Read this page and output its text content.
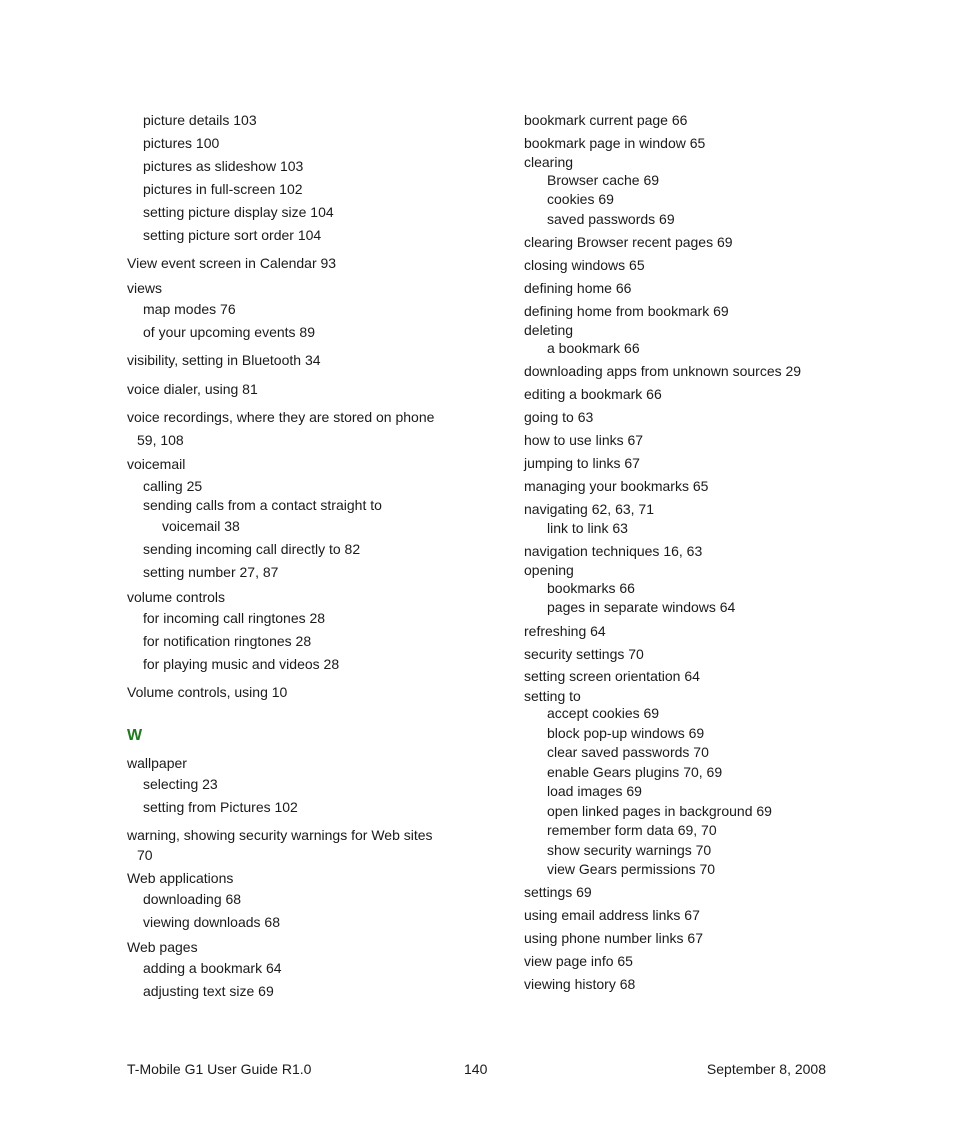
picture details 103
pictures 100
pictures as slideshow 103
pictures in full-screen 102
setting picture display size 104
setting picture sort order 104
View event screen in Calendar 93
views
map modes 76
of your upcoming events 89
visibility, setting in Bluetooth 34
voice dialer, using 81
voice recordings, where they are stored on phone
59, 108
voicemail
calling 25
sending calls from a contact straight to
voicemail 38
sending incoming call directly to 82
setting number 27, 87
volume controls
for incoming call ringtones 28
for notification ringtones 28
for playing music and videos 28
Volume controls, using 10
wallpaper
selecting 23
setting from Pictures 102
warning, showing security warnings for Web sites
70
Web applications
downloading 68
viewing downloads 68
Web pages
adding a bookmark 64
adjusting text size 69
W
bookmark current page 66
bookmark page in window 65
clearing
Browser cache 69
cookies 69
saved passwords 69
clearing Browser recent pages 69
closing windows 65
defining home 66
defining home from bookmark 69
deleting
a bookmark 66
downloading apps from unknown sources 29
editing a bookmark 66
going to 63
how to use links 67
jumping to links 67
managing your bookmarks 65
navigating 62, 63, 71
link to link 63
navigation techniques 16, 63
opening
bookmarks 66
pages in separate windows 64
refreshing 64
security settings 70
setting screen orientation 64
setting to
accept cookies 69
block pop-up windows 69
clear saved passwords 70
enable Gears plugins 70, 69
load images 69
open linked pages in background 69
remember form data 69, 70
show security warnings 70
view Gears permissions 70
settings 69
using email address links 67
using phone number links 67
view page info 65
viewing history 68
T-Mobile G1 User Guide R1.0	140	September 8, 2008
